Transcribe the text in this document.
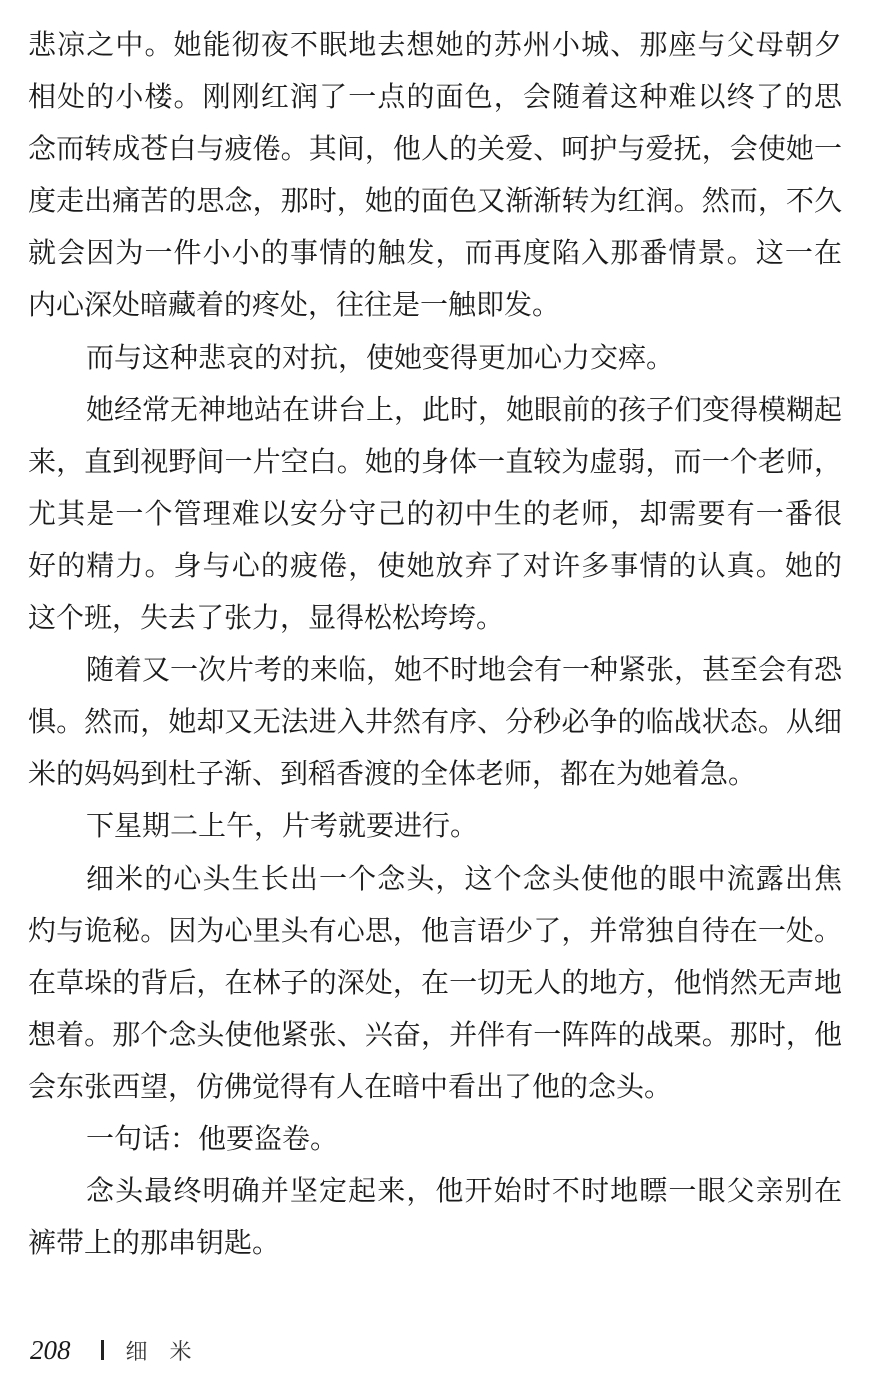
悲凉之中。她能彻夜不眠地去想她的苏州小城、那座与父母朝夕
相处的小楼。刚刚红润了一点的面色，会随着这种难以终了的思
念而转成苍白与疲倦。其间，他人的关爱、呵护与爱抚，会使她一
度走出痛苦的思念，那时，她的面色又渐渐转为红润。然而，不久
就会因为一件小小的事情的触发，而再度陷入那番情景。这一在
内心深处暗藏着的疼处，往往是一触即发。
而与这种悲哀的对抗，使她变得更加心力交瘁。
她经常无神地站在讲台上，此时，她眼前的孩子们变得模糊起
来，直到视野间一片空白。她的身体一直较为虚弱，而一个老师，
尤其是一个管理难以安分守己的初中生的老师，却需要有一番很
好的精力。身与心的疲倦，使她放弃了对许多事情的认真。她的
这个班，失去了张力，显得松松垮垮。
随着又一次片考的来临，她不时地会有一种紧张，甚至会有恐
惧。然而，她却又无法进入井然有序、分秒必争的临战状态。从细
米的妈妈到杜子渐、到稻香渡的全体老师，都在为她着急。
下星期二上午，片考就要进行。
细米的心头生长出一个念头，这个念头使他的眼中流露出焦
灼与诡秘。因为心里头有心思，他言语少了，并常独自待在一处。
在草垛的背后，在林子的深处，在一切无人的地方，他悄然无声地
想着。那个念头使他紧张、兴奋，并伴有一阵阵的战栗。那时，他
会东张西望，仿佛觉得有人在暗中看出了他的念头。
一句话：他要盗卷。
念头最终明确并坚定起来，他开始时不时地瞟一眼父亲别在
裤带上的那串钥匙。
208	细米
